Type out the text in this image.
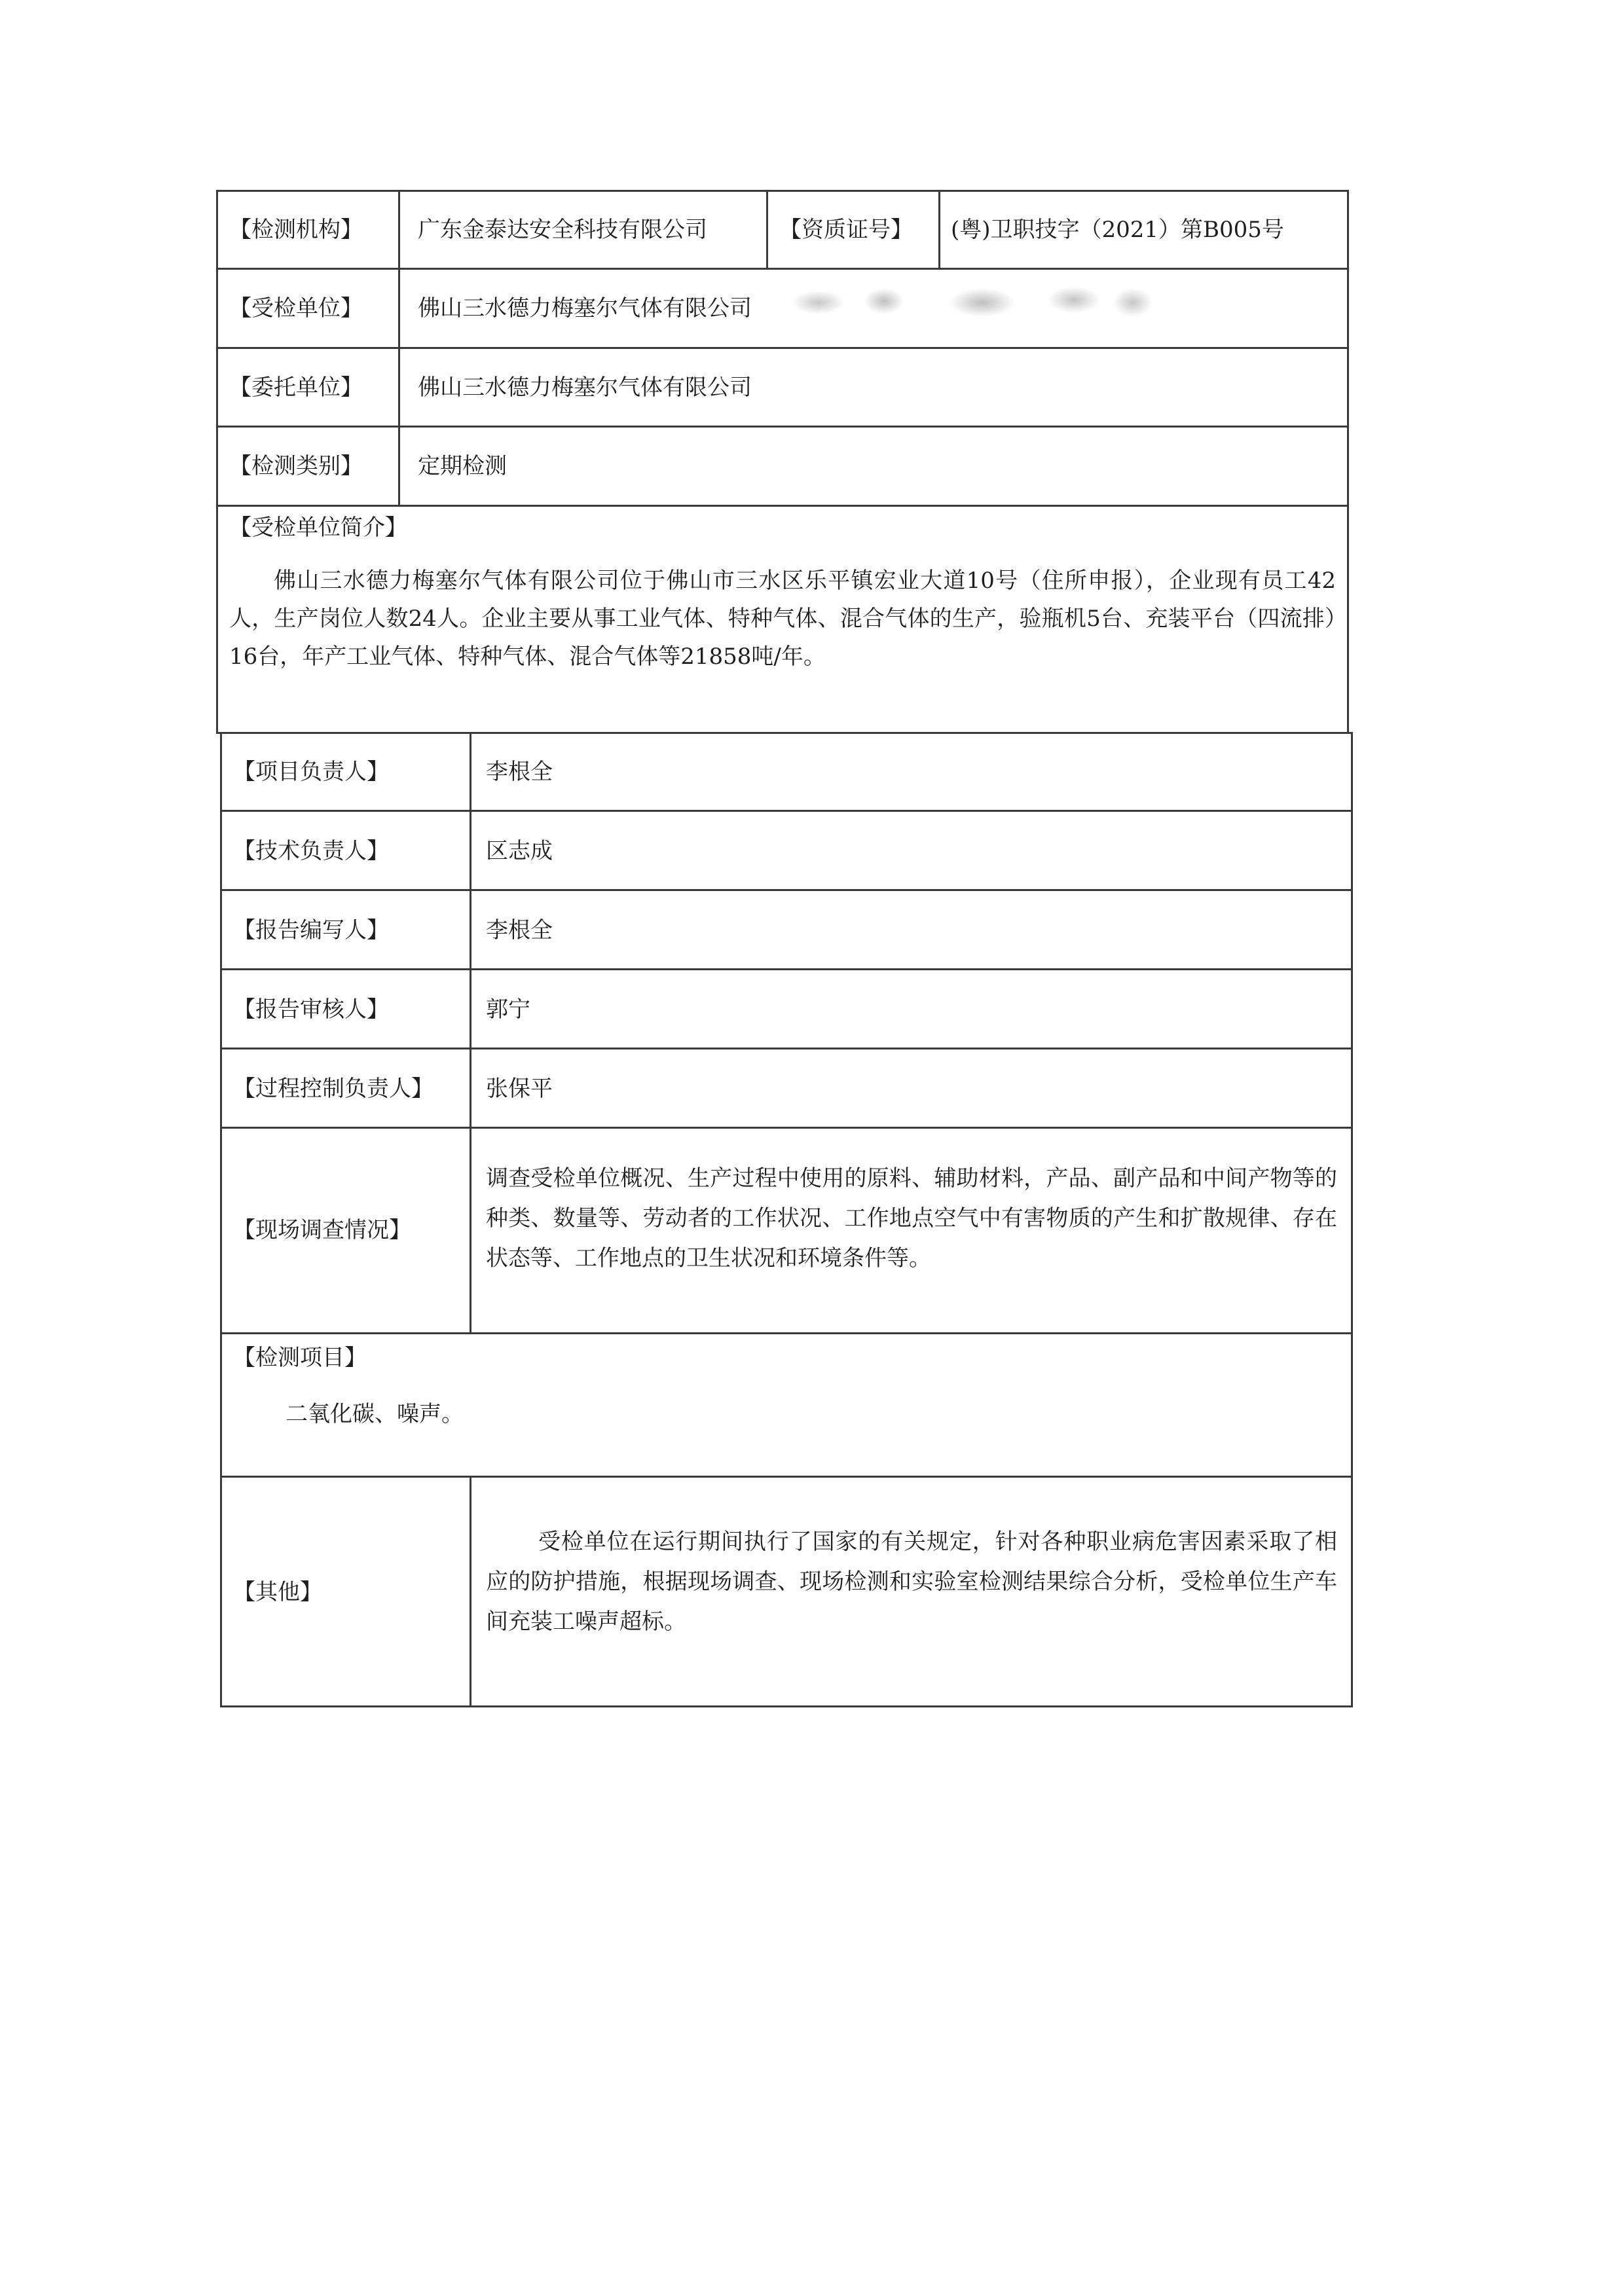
【检测机构】 广东金泰达安全科技有限公司	【资质证号】 (粤)卫职技字（2021）第B005号
【受检单位】 佛山三水德力梅塞尔气体有限公司
【委托单位】 佛山三水德力梅塞尔气体有限公司
【检测类别】 定期检测
【受检单位简介】

佛山三水德力梅塞尔气体有限公司位于佛山市三水区乐平镇宏业大道10号（住所申报），企业现有员工42人，生产岗位人数24人。企业主要从事工业气体、特种气体、混合气体的生产，验瓶机5台、充装平台（四流排）16台，年产工业气体、特种气体、混合气体等21858吨/年。

【项目负责人】	李根全
【技术负责人】	区志成
【报告编写人】	李根全
【报告审核人】	郭宁
【过程控制负责人】 张保平
【现场调查情况】

调查受检单位概况、生产过程中使用的原料、辅助材料，产品、副产品和中间产物等的种类、数量等、劳动者的工作状况、工作地点空气中有害物质的产生和扩散规律、存在状态等、工作地点的卫生状况和环境条件等。

【检测项目】
二氧化碳、噪声。
【其他】

受检单位在运行期间执行了国家的有关规定，针对各种职业病危害因素采取了相应的防护措施，根据现场调查、现场检测和实验室检测结果综合分析，受检单位生产车间充装工噪声超标。
